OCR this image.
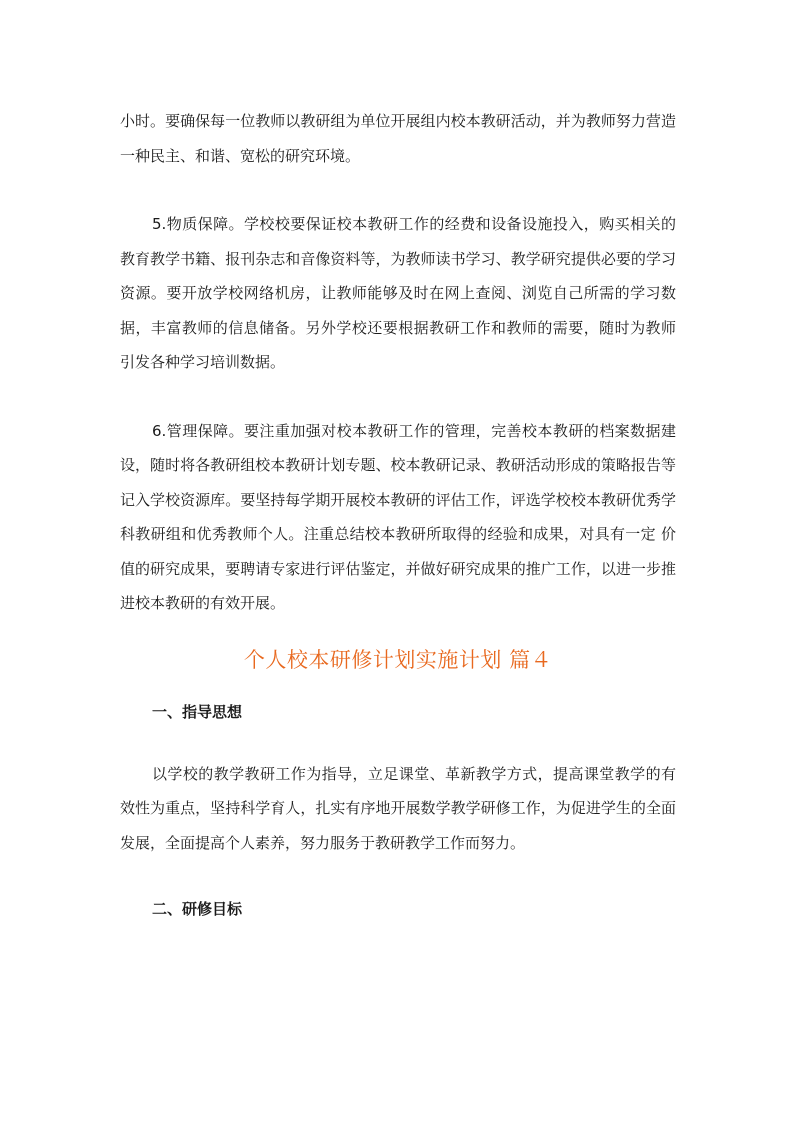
小时。要确保每一位教师以教研组为单位开展组内校本教研活动，并为教师努力营造一种民主、和谐、宽松的研究环境。

5.物质保障。学校校要保证校本教研工作的经费和设备设施投入，购买相关的教育教学书籍、报刊杂志和音像资料等，为教师读书学习、教学研究提供必要的学习 资源。要开放学校网络机房，让教师能够及时在网上查阅、浏览自己所需的学习数据，丰富教师的信息储备。另外学校还要根据教研工作和教师的需要，随时为教师 引发各种学习培训数据。

6.管理保障。要注重加强对校本教研工作的管理，完善校本教研的档案数据建设，随时将各教研组校本教研计划专题、校本教研记录、教研活动形成的策略报告等 记入学校资源库。要坚持每学期开展校本教研的评估工作，评选学校校本教研优秀学科教研组和优秀教师个人。注重总结校本教研所取得的经验和成果，对具有一定 价值的研究成果，要聘请专家进行评估鉴定，并做好研究成果的推广工作，以进一步推进校本教研的有效开展。

个人校本研修计划实施计划 篇４

一、指导思想

以学校的教学教研工作为指导，立足课堂、革新教学方式，提高课堂教学的有效性为重点，坚持科学育人，扎实有序地开展数学教学研修工作，为促进学生的全面发展，全面提高个人素养，努力服务于教研教学工作而努力。

二、研修目标
